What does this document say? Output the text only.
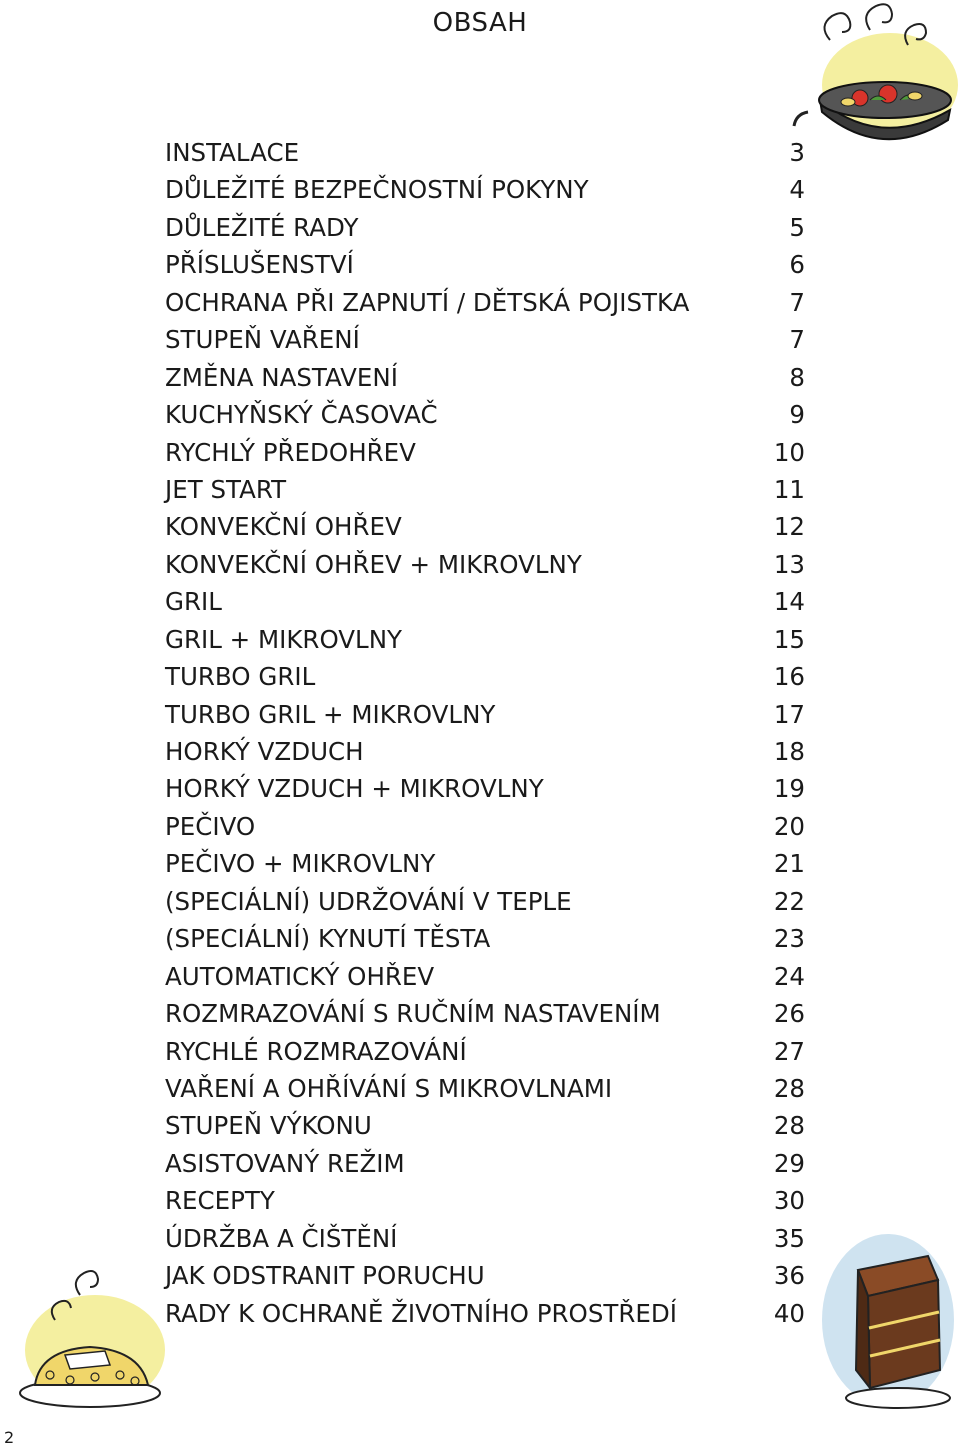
OBSAH
INSTALACE	3
DŮLEŽITÉ BEZPEČNOSTNÍ POKYNY	4
DŮLEŽITÉ RADY	5
PŘÍSLUŠENSTVÍ	6
OCHRANA PŘI ZAPNUTÍ / DĚTSKÁ POJISTKA	7
STUPEŇ VAŘENÍ	7
ZMĚNA NASTAVENÍ	8
KUCHYŇSKÝ ČASOVAČ	9
RYCHLÝ PŘEDOHŘEV	10
JET START	11
KONVEKČNÍ OHŘEV	12
KONVEKČNÍ OHŘEV + MIKROVLNY	13
GRIL	14
GRIL + MIKROVLNY	15
TURBO GRIL	16
TURBO GRIL + MIKROVLNY	17
HORKÝ VZDUCH	18
HORKÝ VZDUCH + MIKROVLNY	19
PEČIVO	20
PEČIVO + MIKROVLNY	21
(SPECIÁLNÍ) UDRŽOVÁNÍ V TEPLE	22
(SPECIÁLNÍ) KYNUTÍ TĚSTA	23
AUTOMATICKÝ OHŘEV	24
ROZMRAZOVÁNÍ S RUČNÍM NASTAVENÍM	26
RYCHLÉ ROZMRAZOVÁNÍ	27
VAŘENÍ A OHŘÍVÁNÍ S MIKROVLNAMI	28
STUPEŇ VÝKONU	28
ASISTOVANÝ REŽIM	29
RECEPTY	30
ÚDRŽBA A ČIŠTĚNÍ	35
JAK ODSTRANIT PORUCHU	36
RADY K OCHRANĚ ŽIVOTNÍHO PROSTŘEDÍ	40
2
